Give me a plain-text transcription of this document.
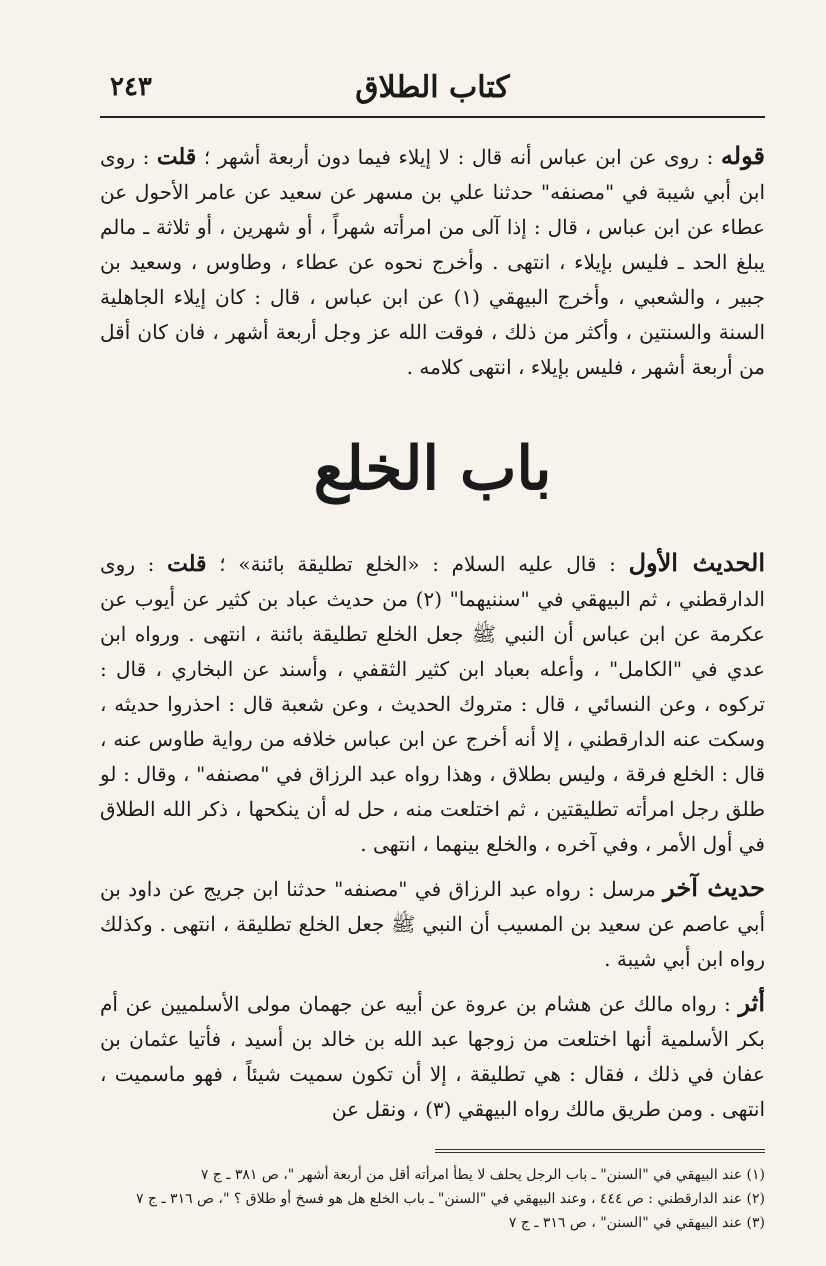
كتاب الطلاق
٢٤٣

قوله : روى عن ابن عباس أنه قال : لا إيلاء فيما دون أربعة أشهر ؛ قلت : روى ابن أبي شيبة في "مصنفه" حدثنا علي بن مسهر عن سعيد عن عامر الأحول عن عطاء عن ابن عباس ، قال : إذا آلى من امرأته شهراً ، أو شهرين ، أو ثلاثة ـ مالم يبلغ الحد ـ فليس بإيلاء ، انتهى . وأخرج نحوه عن عطاء ، وطاوس ، وسعيد بن جبير ، والشعبي ، وأخرج البيهقي (١) عن ابن عباس ، قال : كان إيلاء الجاهلية السنة والسنتين ، وأكثر من ذلك ، فوقت الله عز وجل أربعة أشهر ، فان كان أقل من أربعة أشهر ، فليس بإيلاء ، انتهى كلامه .

باب الخلع

الحديث الأول : قال عليه السلام : «الخلع تطليقة بائنة» ؛ قلت : روى الدارقطني ، ثم البيهقي في "سننيهما" (٢) من حديث عباد بن كثير عن أيوب عن عكرمة عن ابن عباس أن النبي ﷺ جعل الخلع تطليقة بائنة ، انتهى . ورواه ابن عدي في "الكامل" ، وأعله بعباد ابن كثير الثقفي ، وأسند عن البخاري ، قال : تركوه ، وعن النسائي ، قال : متروك الحديث ، وعن شعبة قال : احذروا حديثه ، وسكت عنه الدارقطني ، إلا أنه أخرج عن ابن عباس خلافه من رواية طاوس عنه ، قال : الخلع فرقة ، وليس بطلاق ، وهذا رواه عبد الرزاق في "مصنفه" ، وقال : لو طلق رجل امرأته تطليقتين ، ثم اختلعت منه ، حل له أن ينكحها ، ذكر الله الطلاق في أول الأمر ، وفي آخره ، والخلع بينهما ، انتهى .

حديث آخر مرسل : رواه عبد الرزاق في "مصنفه" حدثنا ابن جريج عن داود بن أبي عاصم عن سعيد بن المسيب أن النبي ﷺ جعل الخلع تطليقة ، انتهى . وكذلك رواه ابن أبي شيبة .

أثر : رواه مالك عن هشام بن عروة عن أبيه عن جهمان مولى الأسلميين عن أم بكر الأسلمية أنها اختلعت من زوجها عبد الله بن خالد بن أسيد ، فأتيا عثمان بن عفان في ذلك ، فقال : هي تطليقة ، إلا أن تكون سميت شيئاً ، فهو ماسميت ، انتهى . ومن طريق مالك رواه البيهقي (٣) ، ونقل عن

(١) عند البيهقي في "السنن" ـ باب الرجل يحلف لا يطأ امرأته أقل من أربعة أشهر "، ص ٣٨١ ـ ج ٧
(٢) عند الدارقطني : ص ٤٤٤ ، وعند البيهقي في "السنن" ـ باب الخلع هل هو فسخ أو طلاق ؟ "، ص ٣١٦ ـ ج ٧
(٣) عند البيهقي في "السنن" ، ص ٣١٦ ـ ج ٧
